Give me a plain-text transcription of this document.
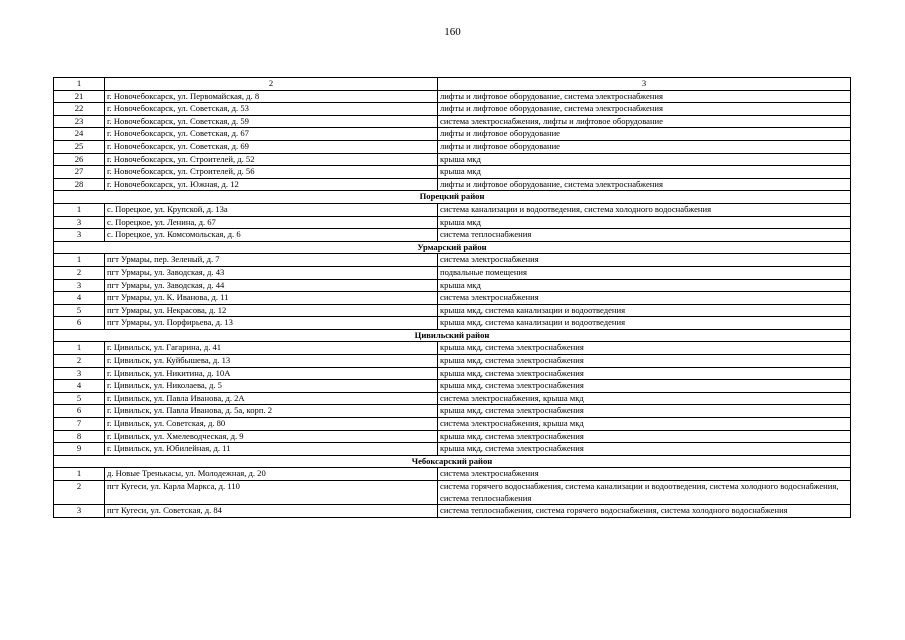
160
1	2	3
21	г. Новочебоксарск, ул. Первомайская, д. 8	лифты и лифтовое оборудование, система электроснабжения
22	г. Новочебоксарск, ул. Советская, д. 53	лифты и лифтовое оборудование, система электроснабжения
23	г. Новочебоксарск, ул. Советская, д. 59	система электроснабжения, лифты и лифтовое оборудование
24	г. Новочебоксарск, ул. Советская, д. 67	лифты и лифтовое оборудование
25	г. Новочебоксарск, ул. Советская, д. 69	лифты и лифтовое оборудование
26	г. Новочебоксарск, ул. Строителей, д. 52	крыша мкд
27	г. Новочебоксарск, ул. Строителей, д. 56	крыша мкд
28	г. Новочебоксарск, ул. Южная, д. 12	лифты и лифтовое оборудование, система электроснабжения
Порецкий район		
1	с. Порецкое, ул. Крупской, д. 13а	система канализации и водоотведения, система холодного водоснабжения
3	с. Порецкое, ул. Ленина, д. 67	крыша мкд
3	с. Порецкое, ул. Комсомольская, д. 6	система теплоснабжения
Урмарский район		
1	пгт Урмары, пер. Зеленый, д. 7	система электроснабжения
2	пгт Урмары, ул. Заводская, д. 43	подвальные помещения
3	пгт Урмары, ул. Заводская, д. 44	крыша мкд
4	пгт Урмары, ул. К. Иванова, д. 11	система электроснабжения
5	пгт Урмары, ул. Некрасова, д. 12	крыша мкд, система канализации и водоотведения
6	пгт Урмары, ул. Порфирьева, д. 13	крыша мкд, система канализации и водоотведения
Цивильский район		
1	г. Цивильск, ул. Гагарина, д. 41	крыша мкд, система электроснабжения
2	г. Цивильск, ул. Куйбышева, д. 13	крыша мкд, система электроснабжения
3	г. Цивильск, ул. Никитина, д. 10А	крыша мкд, система электроснабжения
4	г. Цивильск, ул. Николаева, д. 5	крыша мкд, система электроснабжения
5	г. Цивильск, ул. Павла Иванова, д. 2А	система электроснабжения, крыша мкд
6	г. Цивильск, ул. Павла Иванова, д. 5а, корп. 2	крыша мкд, система электроснабжения
7	г. Цивильск, ул. Советская, д. 80	система электроснабжения, крыша мкд
8	г. Цивильск, ул. Хмелеводческая, д. 9	крыша мкд, система электроснабжения
9	г. Цивильск, ул. Юбилейная, д. 11	крыша мкд, система электроснабжения
Чебоксарский район		
1	д. Новые Тренькасы, ул. Молодежная, д. 20	система электроснабжения
2	пгт Кугеси, ул. Карла Маркса, д. 110	система горячего водоснабжения, система канализации и водоотведения, система холодного водоснабжения, система теплоснабжения
3	пгт Кугеси, ул. Советская, д. 84	система теплоснабжения, система горячего водоснабжения, система холодного водоснабжения
